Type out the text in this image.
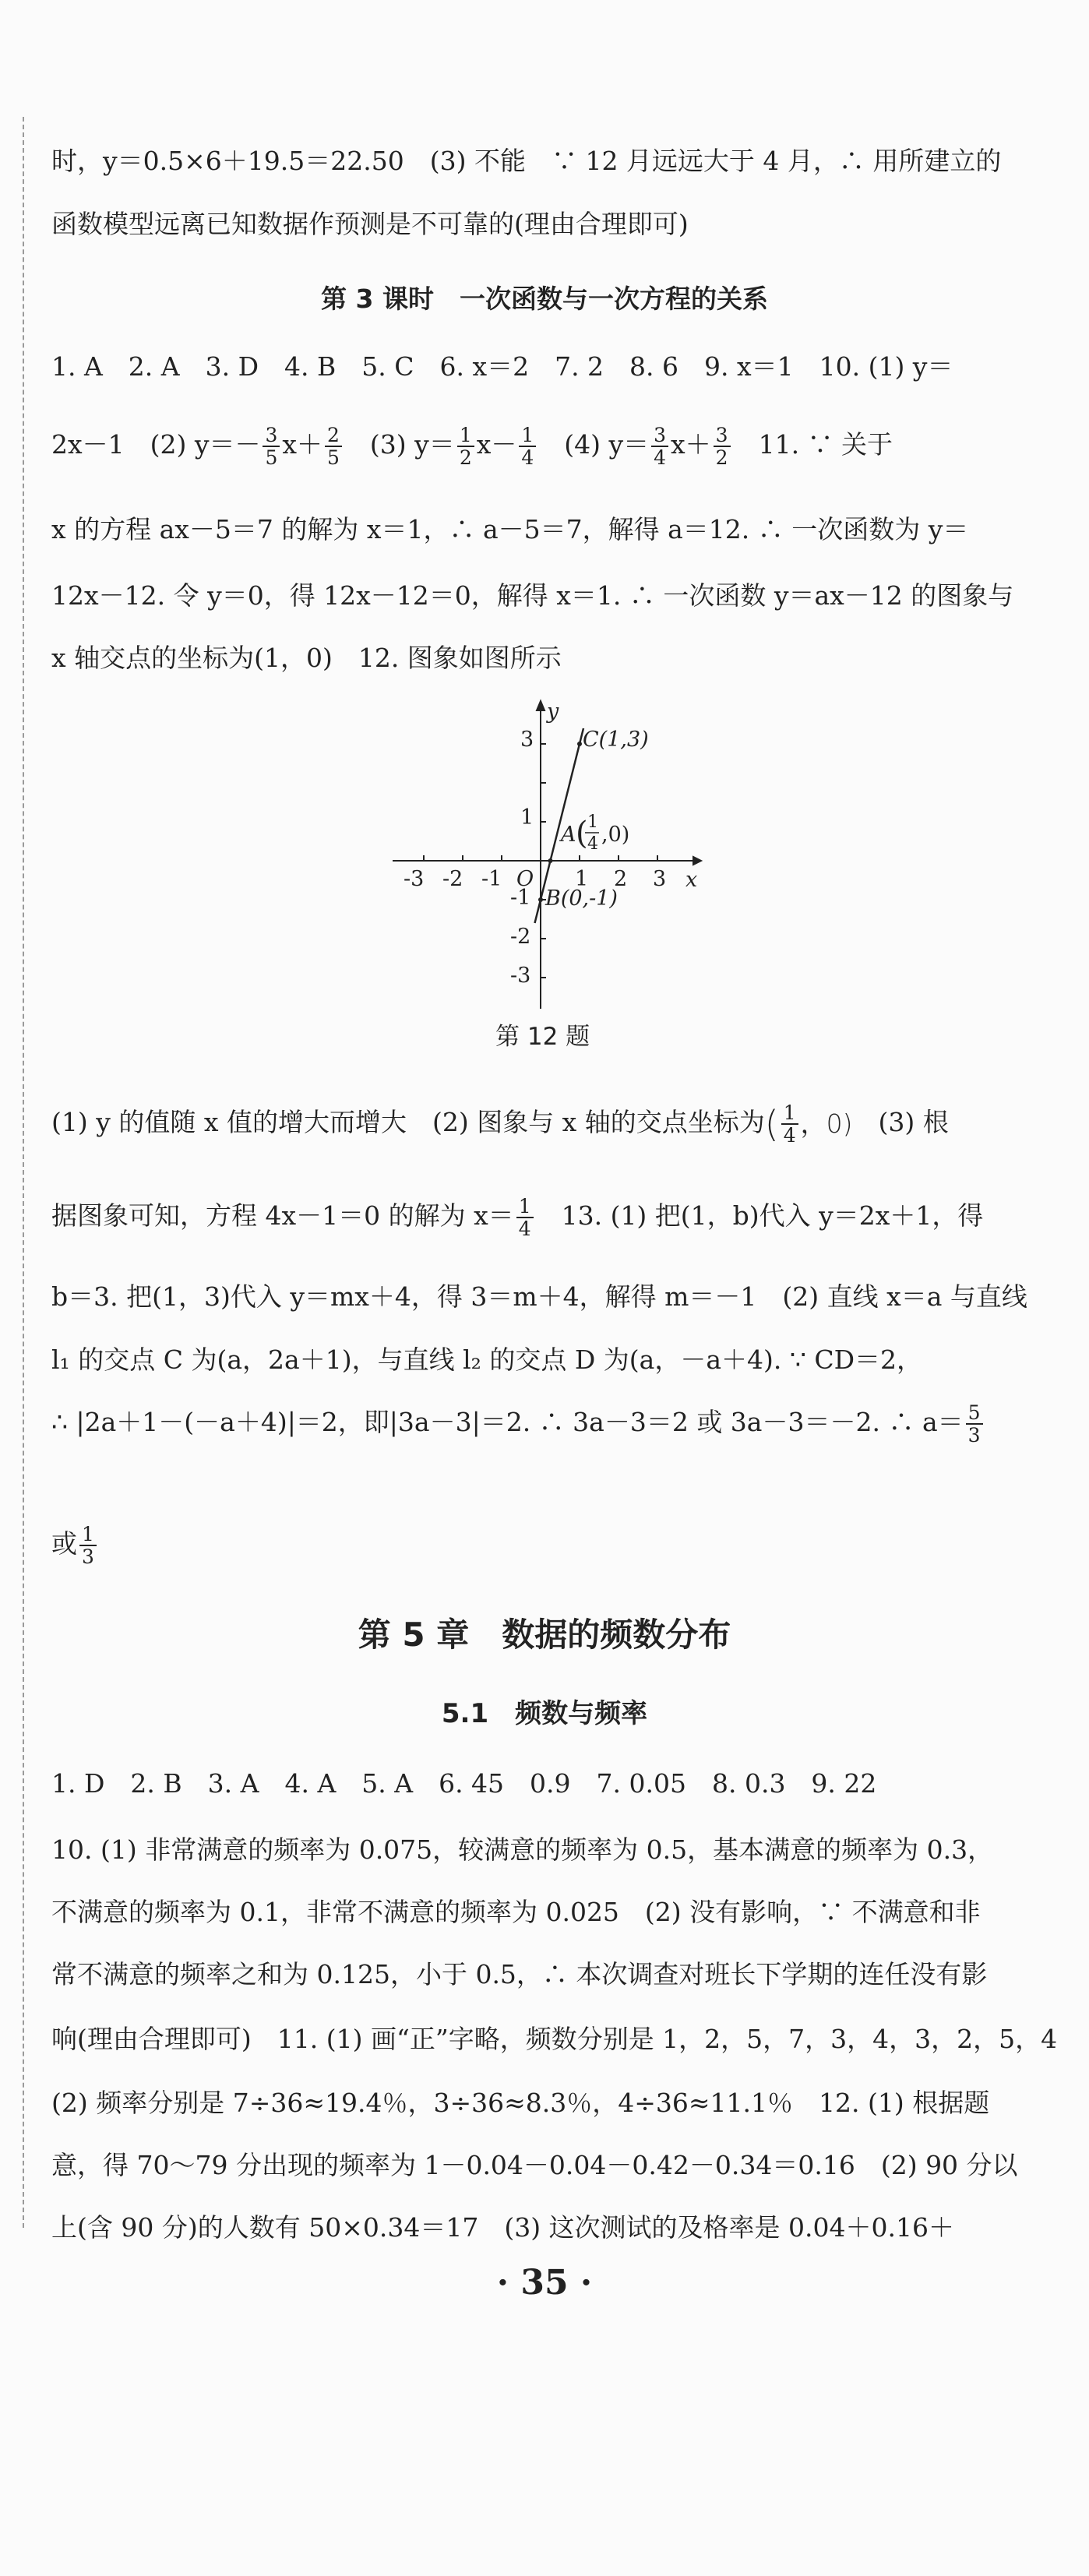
时，y＝0.5×6＋19.5＝22.50　(3) 不能　∵ 12 月远远大于 4 月，∴ 用所建立的
函数模型远离已知数据作预测是不可靠的(理由合理即可)
第 3 课时　一次函数与一次方程的关系
1. A　2. A　3. D　4. B　5. C　6. x＝2　7. 2　8. 6　9. x＝1　10. (1) y＝
2x－1　(2) $y=- \frac{3}{5} x+ \frac{2}{5}$ 　(3) $y= \frac{1}{2} x- \frac{1}{4}$ 　(4) $y= \frac{3}{4} x+ \frac{3}{2}$ 　11. ∵ 关于
x 的方程 ax－5＝7 的解为 x＝1，∴ a－5＝7，解得 a＝12. ∴ 一次函数为 y＝
12x－12. 令 y＝0，得 12x－12＝0，解得 x＝1. ∴ 一次函数 y＝ax－12 的图象与
x 轴交点的坐标为(1，0)　12. 图象如图所示
y
x
O
-3 -2 -1	1 2 3
3
1
-1
-2
-3
C(1,3)
A ( 1
4 ,0)
B(0,-1)
第 12 题
(1) y 的值随 x 值的增大而增大　(2) 图象与 x 轴的交点坐标为( $\frac{1}{4}$ ，0)　(3) 根
据图象可知，方程 4x－1＝0 的解为 $x= \frac{1}{4}$ 　13. (1) 把(1，b)代入 y＝2x＋1，得
b＝3. 把(1，3)代入 y＝mx＋4，得 3＝m＋4，解得 m＝－1　(2) 直线 x＝a 与直线
l₁ 的交点 C 为(a，2a＋1)，与直线 l₂ 的交点 D 为(a，－a＋4). ∵ CD＝2，
∴ |2a＋1－(－a＋4)|＝2，即|3a－3|＝2. ∴ 3a－3＝2 或 3a－3＝－2. ∴ $a= \frac{5}{3}$
或 $\frac{1}{3}$
第 5 章　数据的频数分布
5.1　频数与频率
1. D　2. B　3. A　4. A　5. A　6. 45　0.9　7. 0.05　8. 0.3　9. 22
10. (1) 非常满意的频率为 0.075，较满意的频率为 0.5，基本满意的频率为 0.3，
不满意的频率为 0.1，非常不满意的频率为 0.025　(2) 没有影响，∵ 不满意和非
常不满意的频率之和为 0.125，小于 0.5，∴ 本次调查对班长下学期的连任没有影
响(理由合理即可)　11. (1) 画“正”字略，频数分别是 1，2，5，7，3，4，3，2，5，4
(2) 频率分别是 7÷36≈19.4％，3÷36≈8.3％，4÷36≈11.1％　12. (1) 根据题
意，得 70～79 分出现的频率为 1－0.04－0.04－0.42－0.34＝0.16　(2) 90 分以
上(含 90 分)的人数有 50×0.34＝17　(3) 这次测试的及格率是 0.04＋0.16＋
· 35 ·
